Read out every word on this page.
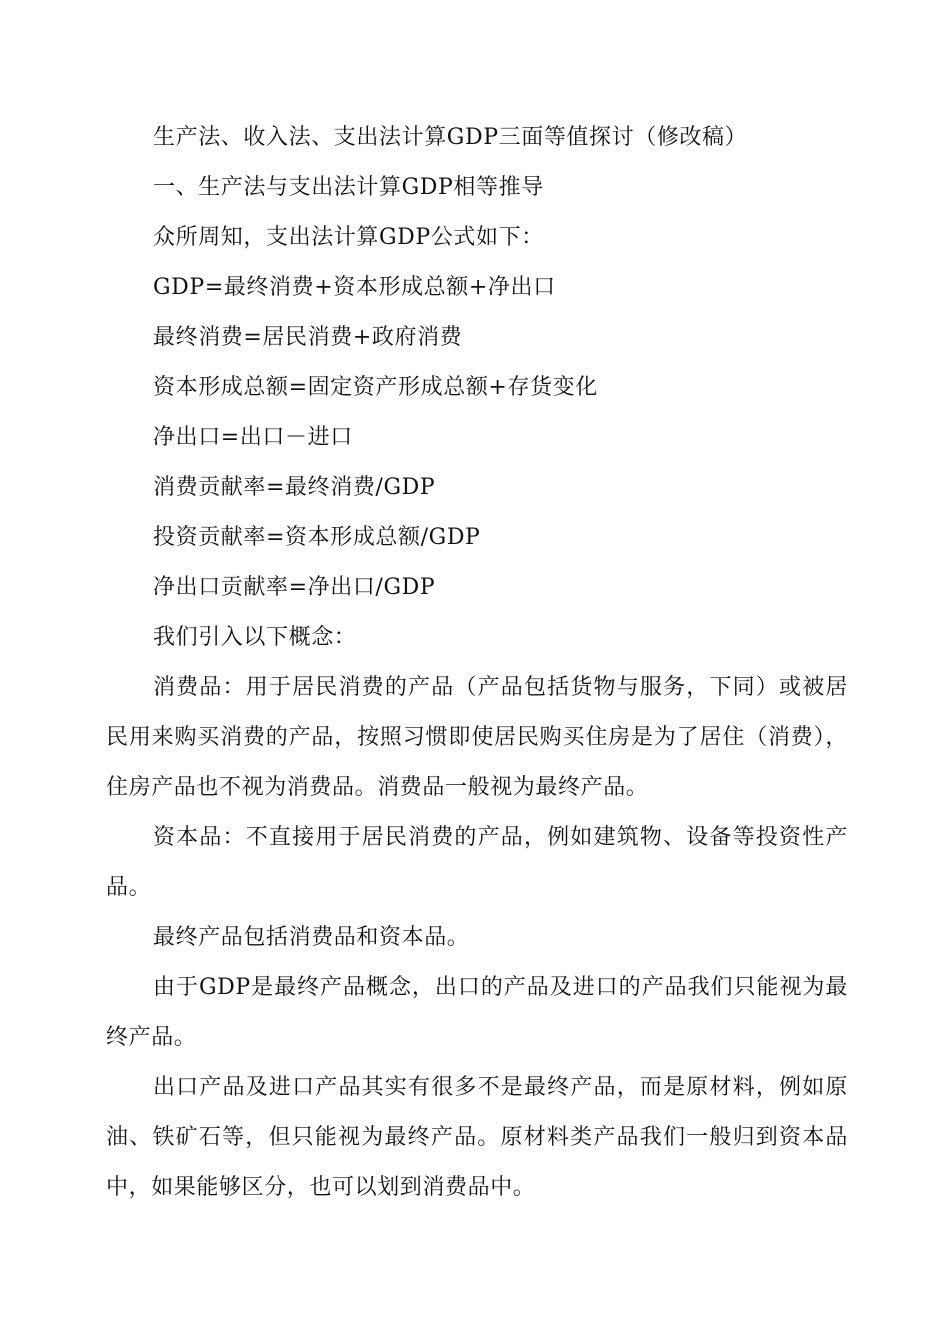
生产法、收入法、支出法计算GDP三面等值探讨（修改稿）
一、生产法与支出法计算GDP相等推导
众所周知，支出法计算GDP公式如下：
GDP=最终消费+资本形成总额+净出口
最终消费=居民消费+政府消费
资本形成总额=固定资产形成总额+存货变化
净出口=出口－进口
消费贡献率=最终消费/GDP
投资贡献率=资本形成总额/GDP
净出口贡献率=净出口/GDP
我们引入以下概念：

消费品：用于居民消费的产品（产品包括货物与服务，下同）或被居民用来购买消费的产品，按照习惯即使居民购买住房是为了居住（消费），住房产品也不视为消费品。消费品一般视为最终产品。

资本品：不直接用于居民消费的产品，例如建筑物、设备等投资性产品。

最终产品包括消费品和资本品。

由于GDP是最终产品概念，出口的产品及进口的产品我们只能视为最终产品。

出口产品及进口产品其实有很多不是最终产品，而是原材料，例如原油、铁矿石等，但只能视为最终产品。原材料类产品我们一般归到资本品中，如果能够区分，也可以划到消费品中。
